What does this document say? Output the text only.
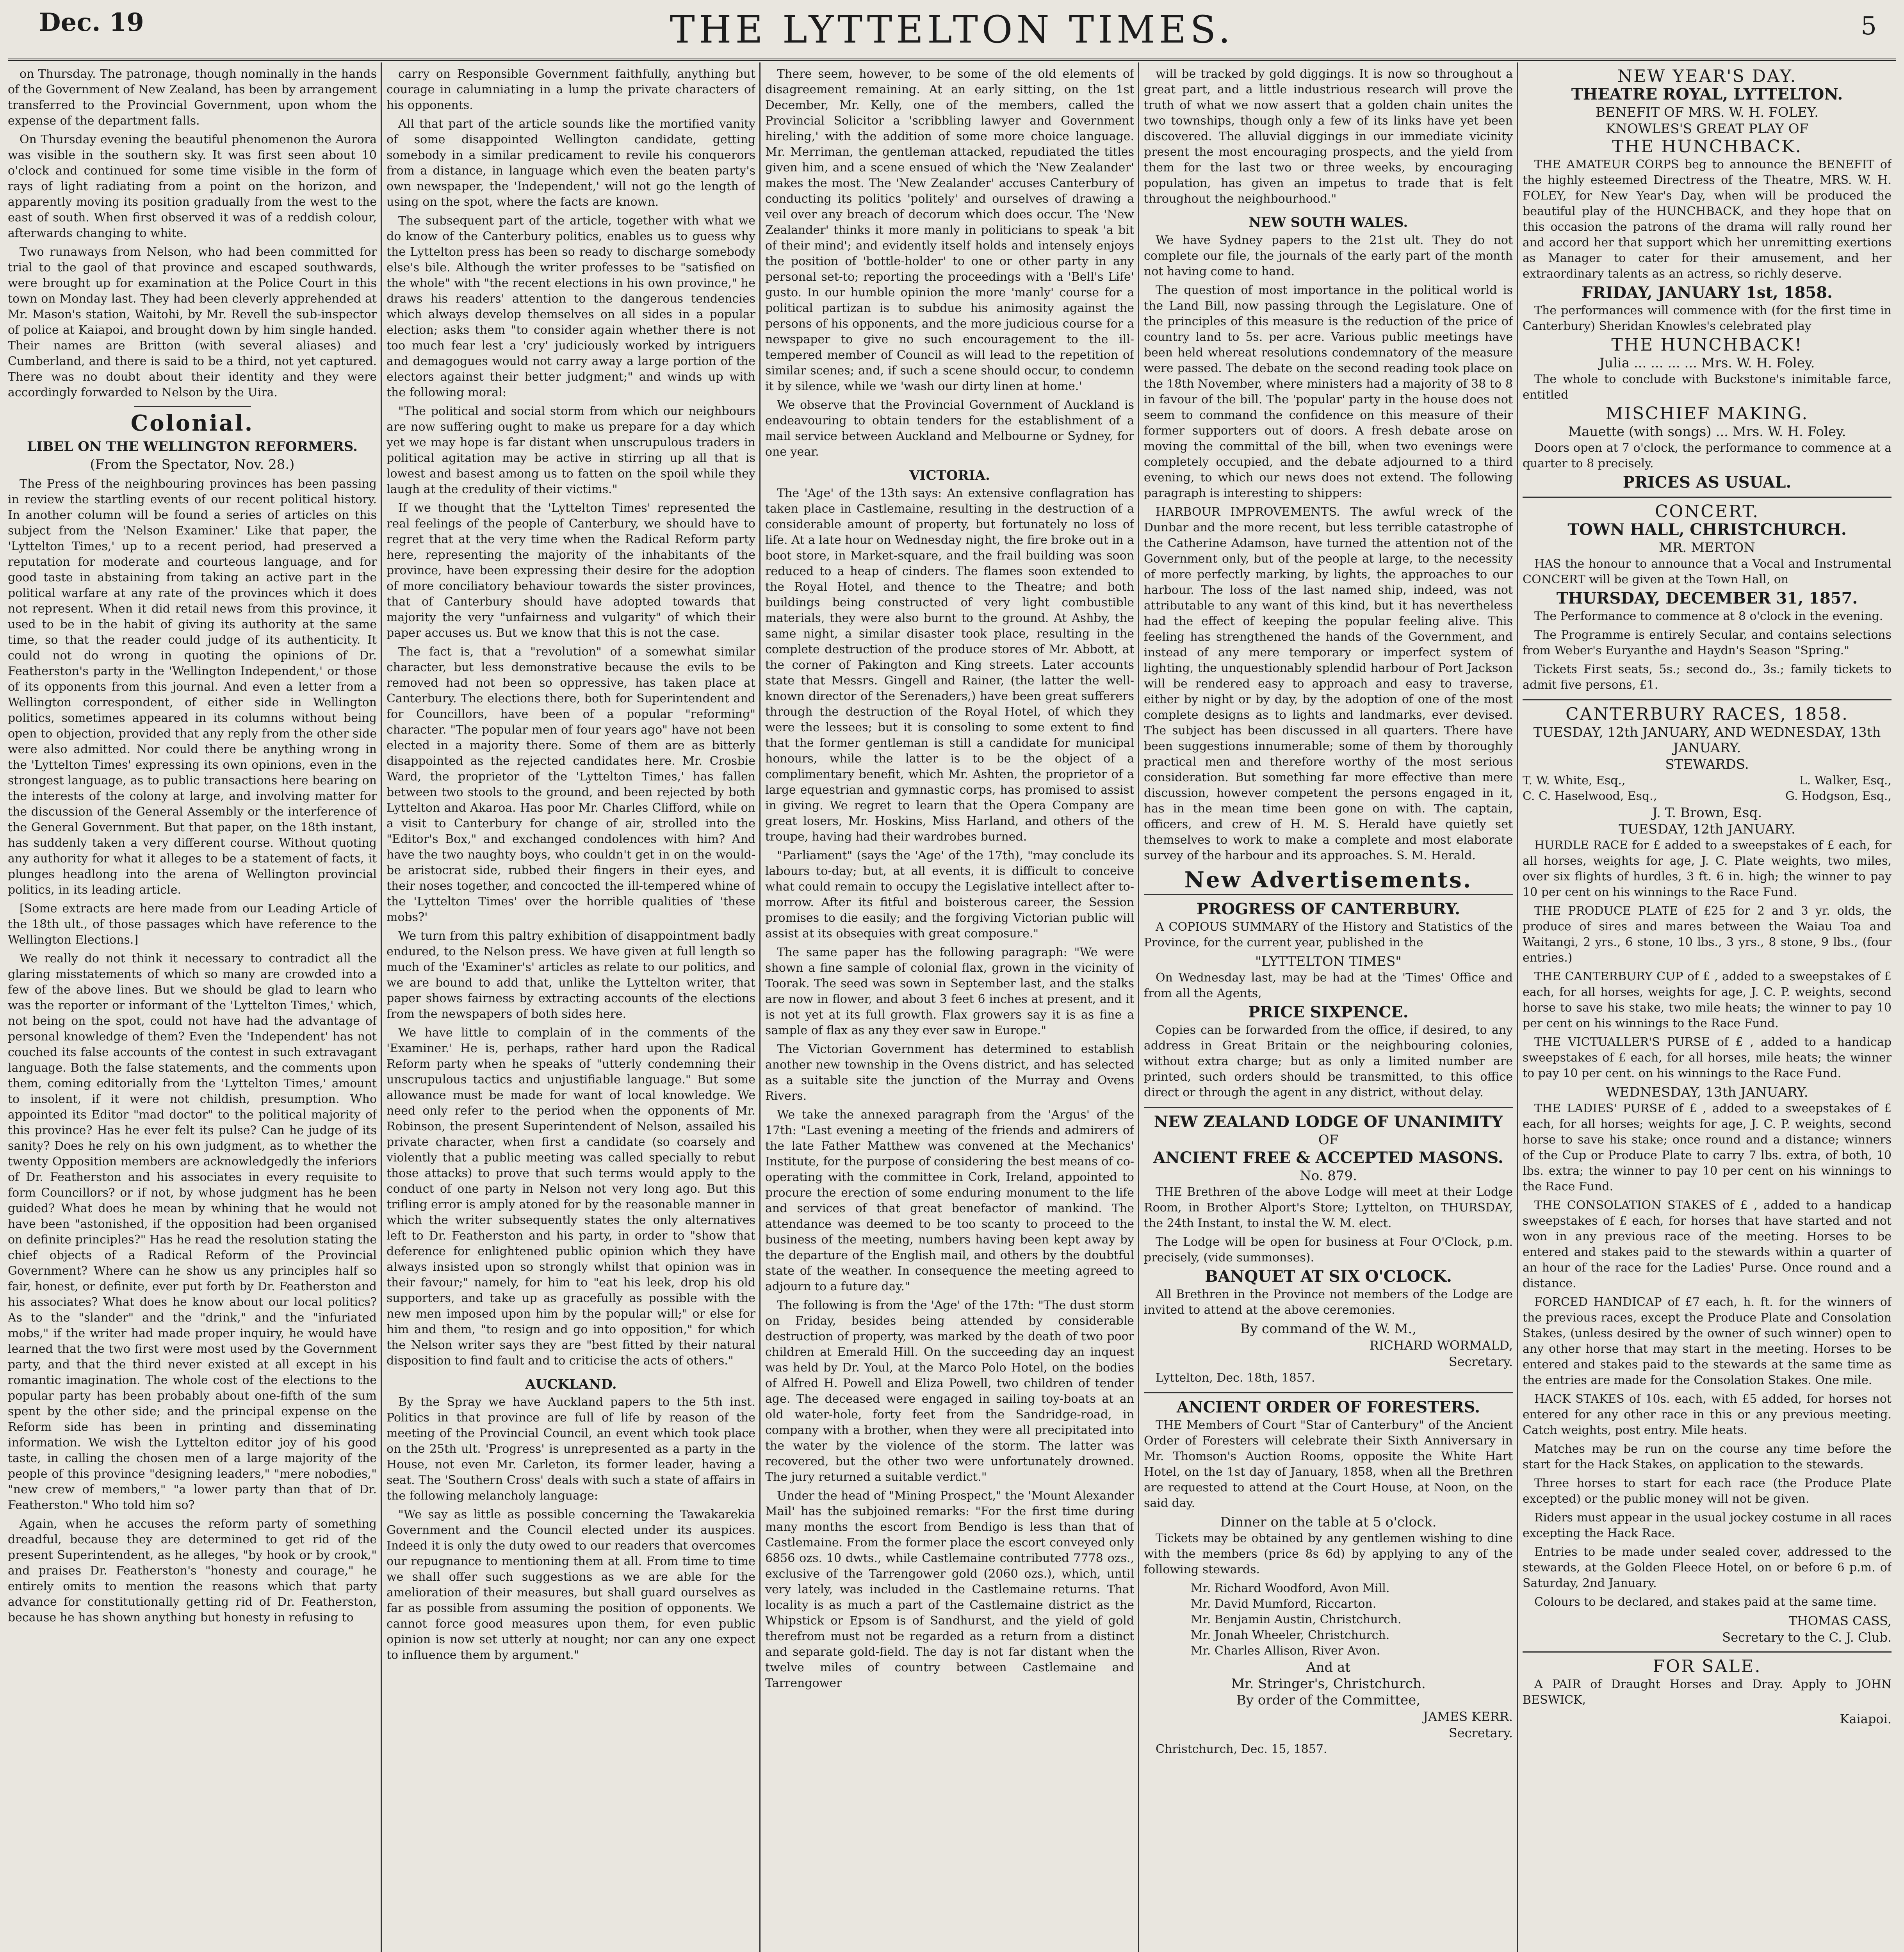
Dec. 19	THE LYTTELTON TIMES.	5

on Thursday. The patronage, though nominally in the hands of the Government of New Zealand, has been by arrangement transferred to the Provincial Government, upon whom the expense of the department falls.

On Thursday evening the beautiful phenomenon the Aurora was visible in the southern sky. It was first seen about 10 o'clock and continued for some time visible in the form of rays of light radiating from a point on the horizon, and apparently moving its position gradually from the west to the east of south. When first observed it was of a reddish colour, afterwards changing to white.

Two runaways from Nelson, who had been committed for trial to the gaol of that province and escaped southwards, were brought up for examination at the Police Court in this town on Monday last. They had been cleverly apprehended at Mr. Mason's station, Waitohi, by Mr. Revell the sub-inspector of police at Kaiapoi, and brought down by him single handed. Their names are Britton (with several aliases) and Cumberland, and there is said to be a third, not yet captured. There was no doubt about their identity and they were accordingly forwarded to Nelson by the Uira.

Colonial.
LIBEL ON THE WELLINGTON REFORMERS.
(From the Spectator, Nov. 28.)

The Press of the neighbouring provinces has been passing in review the startling events of our recent political history. In another column will be found a series of articles on this subject from the 'Nelson Examiner.' Like that paper, the 'Lyttelton Times,' up to a recent period, had preserved a reputation for moderate and courteous language, and for good taste in abstaining from taking an active part in the political warfare at any rate of the provinces which it does not represent. When it did retail news from this province, it used to be in the habit of giving its authority at the same time, so that the reader could judge of its authenticity. It could not do wrong in quoting the opinions of Dr. Featherston's party in the 'Wellington Independent,' or those of its opponents from this journal. And even a letter from a Wellington correspondent, of either side in Wellington politics, sometimes appeared in its columns without being open to objection, provided that any reply from the other side were also admitted. Nor could there be anything wrong in the 'Lyttelton Times' expressing its own opinions, even in the strongest language, as to public transactions here bearing on the interests of the colony at large, and involving matter for the discussion of the General Assembly or the interference of the General Government. But that paper, on the 18th instant, has suddenly taken a very different course. Without quoting any authority for what it alleges to be a statement of facts, it plunges headlong into the arena of Wellington provincial politics, in its leading article.

[Some extracts are here made from our Leading Article of the 18th ult., of those passages which have reference to the Wellington Elections.]

We really do not think it necessary to contradict all the glaring misstatements of which so many are crowded into a few of the above lines. But we should be glad to learn who was the reporter or informant of the 'Lyttelton Times,' which, not being on the spot, could not have had the advantage of personal knowledge of them? Even the 'Independent' has not couched its false accounts of the contest in such extravagant language. Both the false statements, and the comments upon them, coming editorially from the 'Lyttelton Times,' amount to insolent, if it were not childish, presumption. Who appointed its Editor "mad doctor" to the political majority of this province? Has he ever felt its pulse? Can he judge of its sanity? Does he rely on his own judgment, as to whether the twenty Opposition members are acknowledgedly the inferiors of Dr. Featherston and his associates in every requisite to form Councillors? or if not, by whose judgment has he been guided? What does he mean by whining that he would not have been "astonished, if the opposition had been organised on definite principles?" Has he read the resolution stating the chief objects of a Radical Reform of the Provincial Government? Where can he show us any principles half so fair, honest, or definite, ever put forth by Dr. Featherston and his associates? What does he know about our local politics? As to the "slander" and the "drink," and the "infuriated mobs," if the writer had made proper inquiry, he would have learned that the two first were most used by the Government party, and that the third never existed at all except in his romantic imagination. The whole cost of the elections to the popular party has been probably about one-fifth of the sum spent by the other side; and the principal expense on the Reform side has been in printing and disseminating information. We wish the Lyttelton editor joy of his good taste, in calling the chosen men of a large majority of the people of this province "designing leaders," "mere nobodies," "new crew of members," "a lower party than that of Dr. Featherston." Who told him so?

Again, when he accuses the reform party of something dreadful, because they are determined to get rid of the present Superintendent, as he alleges, "by hook or by crook," and praises Dr. Featherston's "honesty and courage," he entirely omits to mention the reasons which that party advance for constitutionally getting rid of Dr. Featherston, because he has shown anything but honesty in refusing to

carry on Responsible Government faithfully, anything but courage in calumniating in a lump the private characters of his opponents.

All that part of the article sounds like the mortified vanity of some disappointed Wellington candidate, getting somebody in a similar predicament to revile his conquerors from a distance, in language which even the beaten party's own newspaper, the 'Independent,' will not go the length of using on the spot, where the facts are known.

The subsequent part of the article, together with what we do know of the Canterbury politics, enables us to guess why the Lyttelton press has been so ready to discharge somebody else's bile. Although the writer professes to be "satisfied on the whole" with "the recent elections in his own province," he draws his readers' attention to the dangerous tendencies which always develop themselves on all sides in a popular election; asks them "to consider again whether there is not too much fear lest a 'cry' judiciously worked by intriguers and demagogues would not carry away a large portion of the electors against their better judgment;" and winds up with the following moral:

"The political and social storm from which our neighbours are now suffering ought to make us prepare for a day which yet we may hope is far distant when unscrupulous traders in political agitation may be active in stirring up all that is lowest and basest among us to fatten on the spoil while they laugh at the credulity of their victims."

If we thought that the 'Lyttelton Times' represented the real feelings of the people of Canterbury, we should have to regret that at the very time when the Radical Reform party here, representing the majority of the inhabitants of the province, have been expressing their desire for the adoption of more conciliatory behaviour towards the sister provinces, that of Canterbury should have adopted towards that majority the very "unfairness and vulgarity" of which their paper accuses us. But we know that this is not the case.

The fact is, that a "revolution" of a somewhat similar character, but less demonstrative because the evils to be removed had not been so oppressive, has taken place at Canterbury. The elections there, both for Superintendent and for Councillors, have been of a popular "reforming" character. "The popular men of four years ago" have not been elected in a majority there. Some of them are as bitterly disappointed as the rejected candidates here. Mr. Crosbie Ward, the proprietor of the 'Lyttelton Times,' has fallen between two stools to the ground, and been rejected by both Lyttelton and Akaroa. Has poor Mr. Charles Clifford, while on a visit to Canterbury for change of air, strolled into the "Editor's Box," and exchanged condolences with him? And have the two naughty boys, who couldn't get in on the would-be aristocrat side, rubbed their fingers in their eyes, and their noses together, and concocted the ill-tempered whine of the 'Lyttelton Times' over the horrible qualities of 'these mobs?'

We turn from this paltry exhibition of disappointment badly endured, to the Nelson press. We have given at full length so much of the 'Examiner's' articles as relate to our politics, and we are bound to add that, unlike the Lyttelton writer, that paper shows fairness by extracting accounts of the elections from the newspapers of both sides here.

We have little to complain of in the comments of the 'Examiner.' He is, perhaps, rather hard upon the Radical Reform party when he speaks of "utterly condemning their unscrupulous tactics and unjustifiable language." But some allowance must be made for want of local knowledge. We need only refer to the period when the opponents of Mr. Robinson, the present Superintendent of Nelson, assailed his private character, when first a candidate (so coarsely and violently that a public meeting was called specially to rebut those attacks) to prove that such terms would apply to the conduct of one party in Nelson not very long ago. But this trifling error is amply atoned for by the reasonable manner in which the writer subsequently states the only alternatives left to Dr. Featherston and his party, in order to "show that deference for enlightened public opinion which they have always insisted upon so strongly whilst that opinion was in their favour;" namely, for him to "eat his leek, drop his old supporters, and take up as gracefully as possible with the new men imposed upon him by the popular will;" or else for him and them, "to resign and go into opposition," for which the Nelson writer says they are "best fitted by their natural disposition to find fault and to criticise the acts of others."

AUCKLAND.

By the Spray we have Auckland papers to the 5th inst. Politics in that province are full of life by reason of the meeting of the Provincial Council, an event which took place on the 25th ult. 'Progress' is unrepresented as a party in the House, not even Mr. Carleton, its former leader, having a seat. The 'Southern Cross' deals with such a state of affairs in the following melancholy language:

"We say as little as possible concerning the Tawakarekia Government and the Council elected under its auspices. Indeed it is only the duty owed to our readers that overcomes our repugnance to mentioning them at all. From time to time we shall offer such suggestions as we are able for the amelioration of their measures, but shall guard ourselves as far as possible from assuming the position of opponents. We cannot force good measures upon them, for even public opinion is now set utterly at nought; nor can any one expect to influence them by argument."

There seem, however, to be some of the old elements of disagreement remaining. At an early sitting, on the 1st December, Mr. Kelly, one of the members, called the Provincial Solicitor a 'scribbling lawyer and Government hireling,' with the addition of some more choice language. Mr. Merriman, the gentleman attacked, repudiated the titles given him, and a scene ensued of which the 'New Zealander' makes the most. The 'New Zealander' accuses Canterbury of conducting its politics 'politely' and ourselves of drawing a veil over any breach of decorum which does occur. The 'New Zealander' thinks it more manly in politicians to speak 'a bit of their mind'; and evidently itself holds and intensely enjoys the position of 'bottle-holder' to one or other party in any personal set-to; reporting the proceedings with a 'Bell's Life' gusto. In our humble opinion the more 'manly' course for a political partizan is to subdue his animosity against the persons of his opponents, and the more judicious course for a newspaper to give no such encouragement to the ill-tempered member of Council as will lead to the repetition of similar scenes; and, if such a scene should occur, to condemn it by silence, while we 'wash our dirty linen at home.'

We observe that the Provincial Government of Auckland is endeavouring to obtain tenders for the establishment of a mail service between Auckland and Melbourne or Sydney, for one year.

VICTORIA.

The 'Age' of the 13th says: An extensive conflagration has taken place in Castlemaine, resulting in the destruction of a considerable amount of property, but fortunately no loss of life. At a late hour on Wednesday night, the fire broke out in a boot store, in Market-square, and the frail building was soon reduced to a heap of cinders. The flames soon extended to the Royal Hotel, and thence to the Theatre; and both buildings being constructed of very light combustible materials, they were also burnt to the ground. At Ashby, the same night, a similar disaster took place, resulting in the complete destruction of the produce stores of Mr. Abbott, at the corner of Pakington and King streets. Later accounts state that Messrs. Gingell and Rainer, (the latter the well-known director of the Serenaders,) have been great sufferers through the destruction of the Royal Hotel, of which they were the lessees; but it is consoling to some extent to find that the former gentleman is still a candidate for municipal honours, while the latter is to be the object of a complimentary benefit, which Mr. Ashten, the proprietor of a large equestrian and gymnastic corps, has promised to assist in giving. We regret to learn that the Opera Company are great losers, Mr. Hoskins, Miss Harland, and others of the troupe, having had their wardrobes burned.

"Parliament" (says the 'Age' of the 17th), "may conclude its labours to-day; but, at all events, it is difficult to conceive what could remain to occupy the Legislative intellect after to-morrow. After its fitful and boisterous career, the Session promises to die easily; and the forgiving Victorian public will assist at its obsequies with great composure."

The same paper has the following paragraph: "We were shown a fine sample of colonial flax, grown in the vicinity of Toorak. The seed was sown in September last, and the stalks are now in flower, and about 3 feet 6 inches at present, and it is not yet at its full growth. Flax growers say it is as fine a sample of flax as any they ever saw in Europe."

The Victorian Government has determined to establish another new township in the Ovens district, and has selected as a suitable site the junction of the Murray and Ovens Rivers.

We take the annexed paragraph from the 'Argus' of the 17th: "Last evening a meeting of the friends and admirers of the late Father Matthew was convened at the Mechanics' Institute, for the purpose of considering the best means of co-operating with the committee in Cork, Ireland, appointed to procure the erection of some enduring monument to the life and services of that great benefactor of mankind. The attendance was deemed to be too scanty to proceed to the business of the meeting, numbers having been kept away by the departure of the English mail, and others by the doubtful state of the weather. In consequence the meeting agreed to adjourn to a future day."

The following is from the 'Age' of the 17th: "The dust storm on Friday, besides being attended by considerable destruction of property, was marked by the death of two poor children at Emerald Hill. On the succeeding day an inquest was held by Dr. Youl, at the Marco Polo Hotel, on the bodies of Alfred H. Powell and Eliza Powell, two children of tender age. The deceased were engaged in sailing toy-boats at an old water-hole, forty feet from the Sandridge-road, in company with a brother, when they were all precipitated into the water by the violence of the storm. The latter was recovered, but the other two were unfortunately drowned. The jury returned a suitable verdict."

Under the head of "Mining Prospect," the 'Mount Alexander Mail' has the subjoined remarks: "For the first time during many months the escort from Bendigo is less than that of Castlemaine. From the former place the escort conveyed only 6856 ozs. 10 dwts., while Castlemaine contributed 7778 ozs., exclusive of the Tarrengower gold (2060 ozs.), which, until very lately, was included in the Castlemaine returns. That locality is as much a part of the Castlemaine district as the Whipstick or Epsom is of Sandhurst, and the yield of gold therefrom must not be regarded as a return from a distinct and separate gold-field. The day is not far distant when the twelve miles of country between Castlemaine and Tarrengower

will be tracked by gold diggings. It is now so throughout a great part, and a little industrious research will prove the truth of what we now assert that a golden chain unites the two townships, though only a few of its links have yet been discovered. The alluvial diggings in our immediate vicinity present the most encouraging prospects, and the yield from them for the last two or three weeks, by encouraging population, has given an impetus to trade that is felt throughout the neighbourhood."

NEW SOUTH WALES.

We have Sydney papers to the 21st ult. They do not complete our file, the journals of the early part of the month not having come to hand.

The question of most importance in the political world is the Land Bill, now passing through the Legislature. One of the principles of this measure is the reduction of the price of country land to 5s. per acre. Various public meetings have been held whereat resolutions condemnatory of the measure were passed. The debate on the second reading took place on the 18th November, where ministers had a majority of 38 to 8 in favour of the bill. The 'popular' party in the house does not seem to command the confidence on this measure of their former supporters out of doors. A fresh debate arose on moving the committal of the bill, when two evenings were completely occupied, and the debate adjourned to a third evening, to which our news does not extend. The following paragraph is interesting to shippers:

HARBOUR IMPROVEMENTS. The awful wreck of the Dunbar and the more recent, but less terrible catastrophe of the Catherine Adamson, have turned the attention not of the Government only, but of the people at large, to the necessity of more perfectly marking, by lights, the approaches to our harbour. The loss of the last named ship, indeed, was not attributable to any want of this kind, but it has nevertheless had the effect of keeping the popular feeling alive. This feeling has strengthened the hands of the Government, and instead of any mere temporary or imperfect system of lighting, the unquestionably splendid harbour of Port Jackson will be rendered easy to approach and easy to traverse, either by night or by day, by the adoption of one of the most complete designs as to lights and landmarks, ever devised. The subject has been discussed in all quarters. There have been suggestions innumerable; some of them by thoroughly practical men and therefore worthy of the most serious consideration. But something far more effective than mere discussion, however competent the persons engaged in it, has in the mean time been gone on with. The captain, officers, and crew of H. M. S. Herald have quietly set themselves to work to make a complete and most elaborate survey of the harbour and its approaches. S. M. Herald.

New Advertisements.
PROGRESS OF CANTERBURY.

A COPIOUS SUMMARY of the History and Statistics of the Province, for the current year, published in the

"LYTTELTON TIMES"

On Wednesday last, may be had at the 'Times' Office and from all the Agents,

PRICE SIXPENCE.

Copies can be forwarded from the office, if desired, to any address in Great Britain or the neighbouring colonies, without extra charge; but as only a limited number are printed, such orders should be transmitted, to this office direct or through the agent in any district, without delay.

NEW ZEALAND LODGE OF UNANIMITY
OF
ANCIENT FREE & ACCEPTED MASONS.
No. 879.

THE Brethren of the above Lodge will meet at their Lodge Room, in Brother Alport's Store; Lyttelton, on THURSDAY, the 24th Instant, to instal the W. M. elect.

The Lodge will be open for business at Four O'Clock, p.m. precisely, (vide summonses).

BANQUET AT SIX O'CLOCK.

All Brethren in the Province not members of the Lodge are invited to attend at the above ceremonies.

By command of the W. M.,
RICHARD WORMALD,
Secretary.

Lyttelton, Dec. 18th, 1857.

ANCIENT ORDER OF FORESTERS.

THE Members of Court "Star of Canterbury" of the Ancient Order of Foresters will celebrate their Sixth Anniversary in Mr. Thomson's Auction Rooms, opposite the White Hart Hotel, on the 1st day of January, 1858, when all the Brethren are requested to attend at the Court House, at Noon, on the said day.

Dinner on the table at 5 o'clock.

Tickets may be obtained by any gentlemen wishing to dine with the members (price 8s 6d) by applying to any of the following stewards.

Mr. Richard Woodford, Avon Mill.
Mr. David Mumford, Riccarton.
Mr. Benjamin Austin, Christchurch.
Mr. Jonah Wheeler, Christchurch.
Mr. Charles Allison, River Avon.
And at
Mr. Stringer's, Christchurch.
By order of the Committee,
JAMES KERR.
Secretary.

Christchurch, Dec. 15, 1857.

NEW YEAR'S DAY.
THEATRE ROYAL, LYTTELTON.
BENEFIT OF MRS. W. H. FOLEY.
KNOWLES'S GREAT PLAY OF
THE HUNCHBACK.

THE AMATEUR CORPS beg to announce the BENEFIT of the highly esteemed Directress of the Theatre, MRS. W. H. FOLEY, for New Year's Day, when will be produced the beautiful play of the HUNCHBACK, and they hope that on this occasion the patrons of the drama will rally round her and accord her that support which her unremitting exertions as Manager to cater for their amusement, and her extraordinary talents as an actress, so richly deserve.

FRIDAY, JANUARY 1st, 1858.

The performances will commence with (for the first time in Canterbury) Sheridan Knowles's celebrated play

THE HUNCHBACK!
Julia ... ... ... ... Mrs. W. H. Foley.

The whole to conclude with Buckstone's inimitable farce, entitled

MISCHIEF MAKING.
Mauette (with songs) ... Mrs. W. H. Foley.

Doors open at 7 o'clock, the performance to commence at a quarter to 8 precisely.

PRICES AS USUAL.
CONCERT.
TOWN HALL, CHRISTCHURCH.
MR. MERTON

HAS the honour to announce that a Vocal and Instrumental CONCERT will be given at the Town Hall, on

THURSDAY, DECEMBER 31, 1857.

The Performance to commence at 8 o'clock in the evening.

The Programme is entirely Secular, and contains selections from Weber's Euryanthe and Haydn's Season "Spring."

Tickets First seats, 5s.; second do., 3s.; family tickets to admit five persons, £1.

CANTERBURY RACES, 1858.
TUESDAY, 12th JANUARY, AND WEDNESDAY, 13th JANUARY.
STEWARDS.
T. W. White, Esq.,	L. Walker, Esq.,
C. C. Haselwood, Esq.,	G. Hodgson, Esq.,
J. T. Brown, Esq.
TUESDAY, 12th JANUARY.

HURDLE RACE for £ added to a sweepstakes of £ each, for all horses, weights for age, J. C. Plate weights, two miles, over six flights of hurdles, 3 ft. 6 in. high; the winner to pay 10 per cent on his winnings to the Race Fund.

THE PRODUCE PLATE of £25 for 2 and 3 yr. olds, the produce of sires and mares between the Waiau Toa and Waitangi, 2 yrs., 6 stone, 10 lbs., 3 yrs., 8 stone, 9 lbs., (four entries.)

THE CANTERBURY CUP of £ , added to a sweepstakes of £ each, for all horses, weights for age, J. C. P. weights, second horse to save his stake, two mile heats; the winner to pay 10 per cent on his winnings to the Race Fund.

THE VICTUALLER'S PURSE of £ , added to a handicap sweepstakes of £ each, for all horses, mile heats; the winner to pay 10 per cent. on his winnings to the Race Fund.

WEDNESDAY, 13th JANUARY.

THE LADIES' PURSE of £ , added to a sweepstakes of £ each, for all horses; weights for age, J. C. P. weights, second horse to save his stake; once round and a distance; winners of the Cup or Produce Plate to carry 7 lbs. extra, of both, 10 lbs. extra; the winner to pay 10 per cent on his winnings to the Race Fund.

THE CONSOLATION STAKES of £ , added to a handicap sweepstakes of £ each, for horses that have started and not won in any previous race of the meeting. Horses to be entered and stakes paid to the stewards within a quarter of an hour of the race for the Ladies' Purse. Once round and a distance.

FORCED HANDICAP of £7 each, h. ft. for the winners of the previous races, except the Produce Plate and Consolation Stakes, (unless desired by the owner of such winner) open to any other horse that may start in the meeting. Horses to be entered and stakes paid to the stewards at the same time as the entries are made for the Consolation Stakes. One mile.

HACK STAKES of 10s. each, with £5 added, for horses not entered for any other race in this or any previous meeting. Catch weights, post entry. Mile heats.

Matches may be run on the course any time before the start for the Hack Stakes, on application to the stewards.

Three horses to start for each race (the Produce Plate excepted) or the public money will not be given.

Riders must appear in the usual jockey costume in all races excepting the Hack Race.

Entries to be made under sealed cover, addressed to the stewards, at the Golden Fleece Hotel, on or before 6 p.m. of Saturday, 2nd January.

Colours to be declared, and stakes paid at the same time.

THOMAS CASS,
Secretary to the C. J. Club.
FOR SALE.

A PAIR of Draught Horses and Dray. Apply to JOHN BESWICK,

Kaiapoi.
